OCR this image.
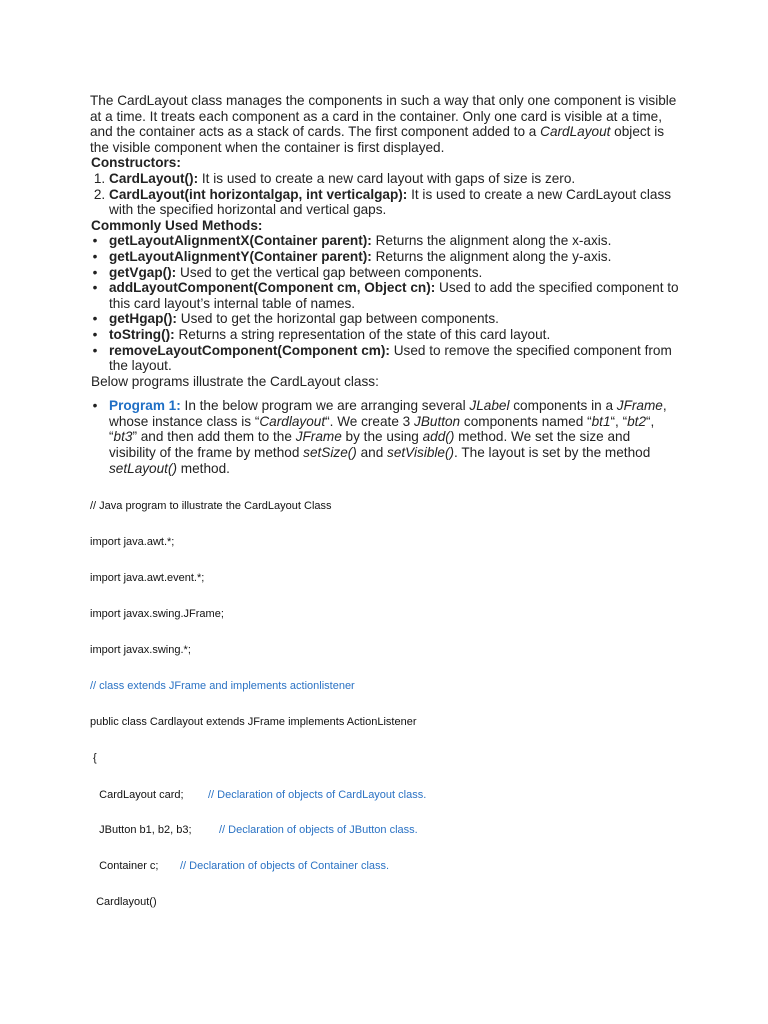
The CardLayout class manages the components in such a way that only one component is visible at a time. It treats each component as a card in the container. Only one card is visible at a time, and the container acts as a stack of cards. The first component added to a CardLayout object is the visible component when the container is first displayed.

Constructors:
1. CardLayout(): It is used to create a new card layout with gaps of size is zero.
2. CardLayout(int horizontalgap, int verticalgap): It is used to create a new CardLayout class with the specified horizontal and vertical gaps.
Commonly Used Methods:
• getLayoutAlignmentX(Container parent): Returns the alignment along the x-axis.
• getLayoutAlignmentY(Container parent): Returns the alignment along the y-axis.
• getVgap(): Used to get the vertical gap between components.
• addLayoutComponent(Component cm, Object cn): Used to add the specified component to this card layout’s internal table of names.
• getHgap(): Used to get the horizontal gap between components.
• toString(): Returns a string representation of the state of this card layout.
• removeLayoutComponent(Component cm): Used to remove the specified component from the layout.
Below programs illustrate the CardLayout class:
• Program 1: In the below program we are arranging several JLabel components in a JFrame, whose instance class is “Cardlayout“. We create 3 JButton components named “bt1“, “bt2“, “bt3” and then add them to the JFrame by the using add() method. We set the size and visibility of the frame by method setSize() and setVisible(). The layout is set by the method setLayout() method.
// Java program to illustrate the CardLayout Class
import java.awt.*;
import java.awt.event.*;
import javax.swing.JFrame;
import javax.swing.*;
// class extends JFrame and implements actionlistener
public class Cardlayout extends JFrame implements ActionListener
{
CardLayout card; // Declaration of objects of CardLayout class.
JButton b1, b2, b3; // Declaration of objects of JButton class.
Container c; // Declaration of objects of Container class.
Cardlayout()
